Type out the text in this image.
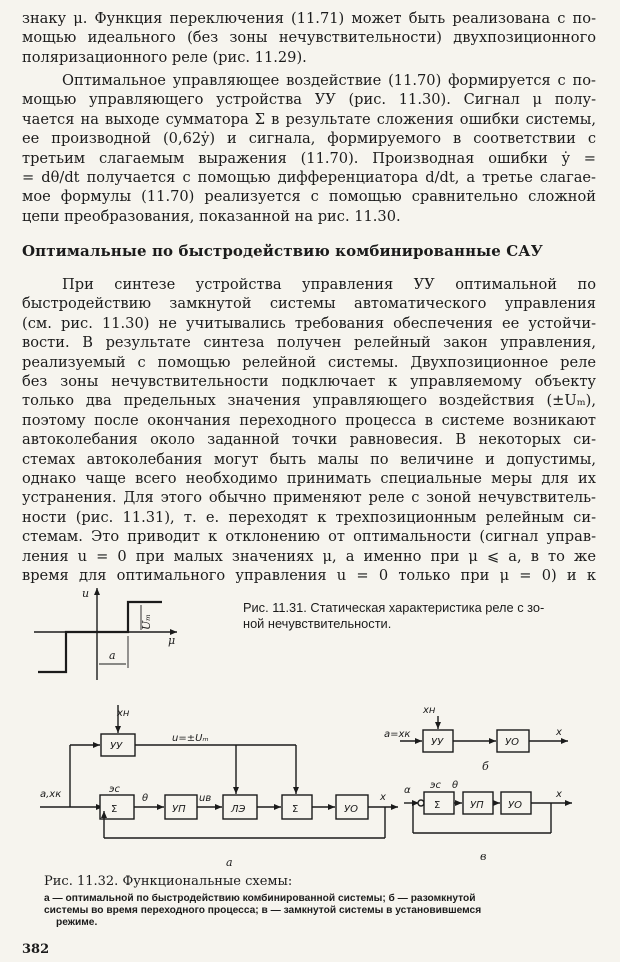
знаку μ. Функция переключения (11.71) может быть реализована с по-
мощью идеального (без зоны нечувствительности) двухпозиционного
поляризационного реле (рис. 11.29).
Оптимальное управляющее воздействие (11.70) формируется с по-
мощью управляющего устройства УУ (рис. 11.30). Сигнал μ полу-
чается на выходе сумматора Σ в результате сложения ошибки системы,
ее производной (0,62ẏ) и сигнала, формируемого в соответствии с
третьим слагаемым выражения (11.70). Производная ошибки ẏ =
= dθ/dt получается с помощью дифференциатора d/dt, а третье слагае-
мое формулы (11.70) реализуется с помощью сравнительно сложной
цепи преобразования, показанной на рис. 11.30.
Оптимальные по быстродействию комбинированные САУ
При синтезе устройства управления УУ оптимальной по
быстродействию замкнутой системы автоматического управления
(см. рис. 11.30) не учитывались требования обеспечения ее устойчи-
вости. В результате синтеза получен релейный закон управления,
реализуемый с помощью релейной системы. Двухпозиционное реле
без зоны нечувствительности подключает к управляемому объекту
только два предельных значения управляющего воздействия (±Uₘ),
поэтому после окончания переходного процесса в системе возникают
автоколебания около заданной точки равновесия. В некоторых си-
стемах автоколебания могут быть малы по величине и допустимы,
однако чаще всего необходимо принимать специальные меры для их
устранения. Для этого обычно применяют реле с зоной нечувствитель-
ности (рис. 11.31), т. е. переходят к трехпозиционным релейным си-
стемам. Это приводит к отклонению от оптимальности (сигнал управ-
ления u = 0 при малых значениях μ, а именно при μ ⩽ a, в то же
время для оптимального управления u = 0 только при μ = 0) и к
u
μ
a
Uₘ
xн
УУ
u=±Uₘ
a,xк	эс
Σ
θ
УП
uв
ЛЭ	Σ	УО
x
а
xн
a=xк
УУ	УО
x
б
α эс θ
Σ	УП УО
x
в
Рис. 11.31. Статическая характеристика реле с зо-
ной нечувствительности.
Рис. 11.32. Функциональные схемы:
а — оптимальной по быстродействию комбинированной системы; б — разомкнутой
системы во время переходного процесса; в — замкнутой системы в установившемся
режиме.
382
